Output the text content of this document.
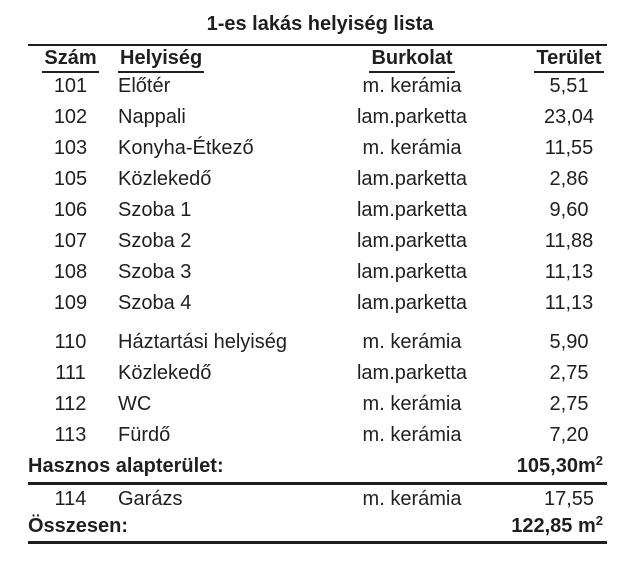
1-es lakás helyiség lista
Szám	Helyiség	Burkolat	Terület
101	Előtér	m. kerámia	5,51
102	Nappali	lam.parketta	23,04
103	Konyha-Étkező	m. kerámia	11,55
105	Közlekedő	lam.parketta	2,86
106	Szoba 1	lam.parketta	9,60
107	Szoba 2	lam.parketta	11,88
108	Szoba 3	lam.parketta	11,13
109	Szoba 4	lam.parketta	11,13
110	Háztartási helyiség	m. kerámia	5,90
111	Közlekedő	lam.parketta	2,75
112	WC	m. kerámia	2,75
113	Fürdő	m. kerámia	7,20
Hasznos alapterület:	$105,30m^2$
114	Garázs	m. kerámia	17,55
Összesen:	122,85 $m^2$
